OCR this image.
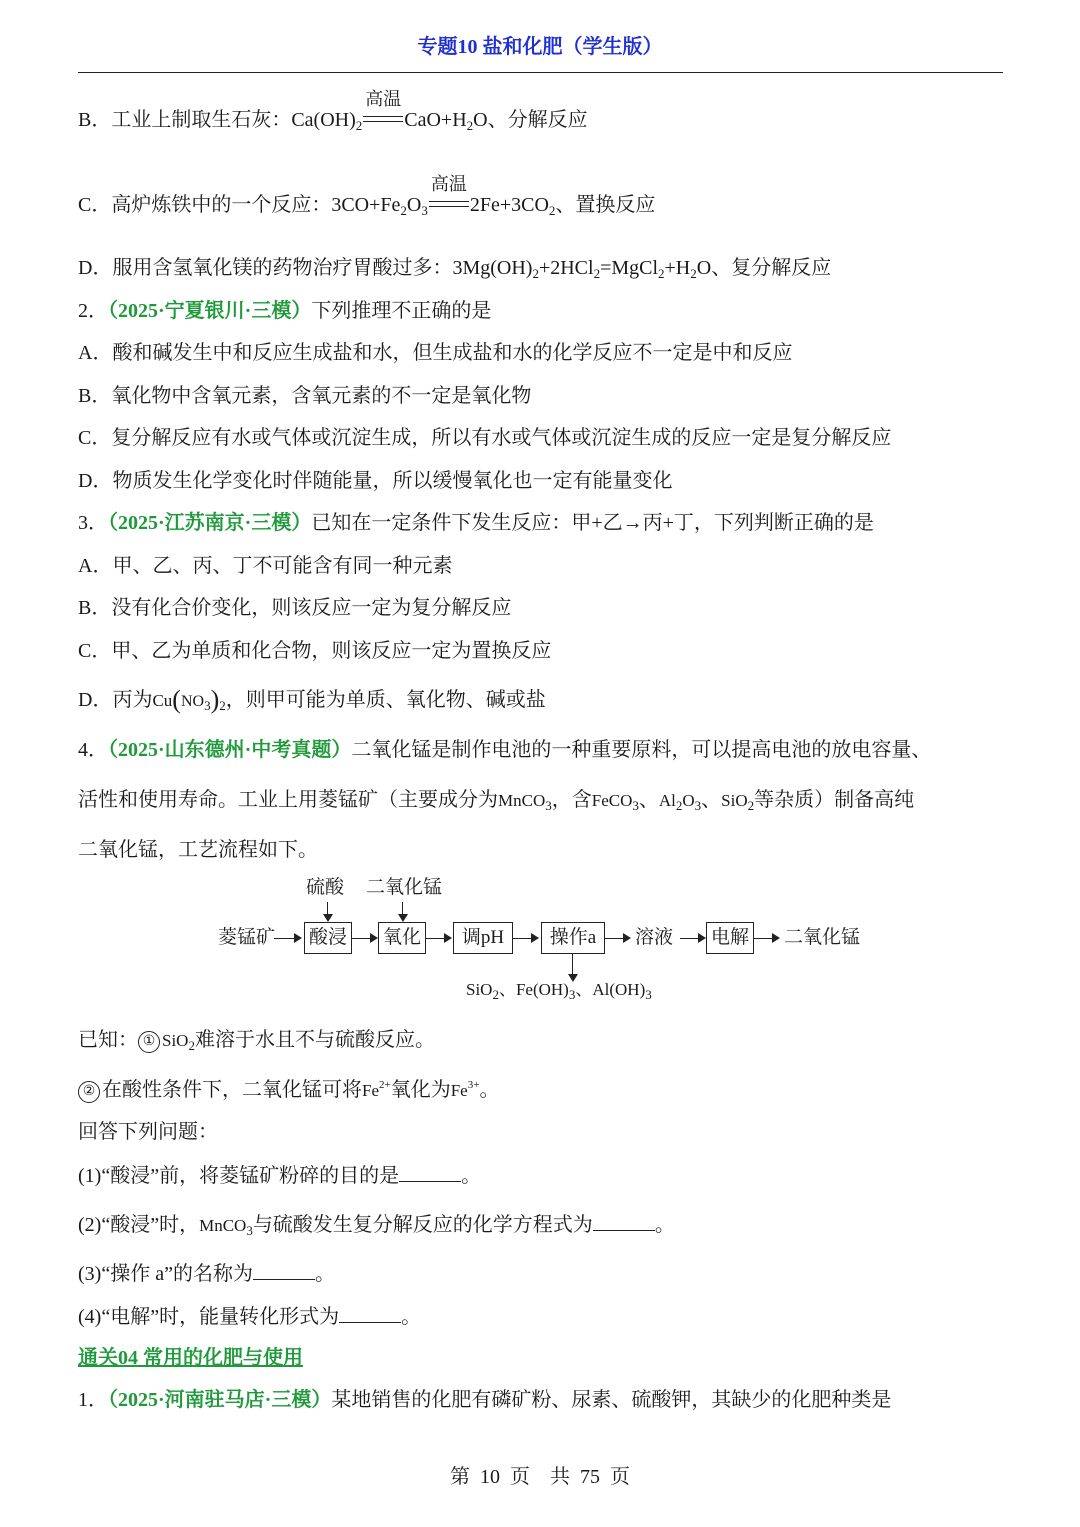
专题10 盐和化肥（学生版）
B．工业上制取生石灰：$Ca(OH)_2$
高温
$CaO+H_2O$、分解反应
C．高炉炼铁中的一个反应：$3CO+Fe_2O_3$
高温
$2Fe+3CO_2$、置换反应
D．服用含氢氧化镁的药物治疗胃酸过多：$3Mg(OH)_2+2HCl_2=MgCl_2+H_2O$、复分解反应
2．（2025·宁夏银川·三模）下列推理不正确的是
A．酸和碱发生中和反应生成盐和水，但生成盐和水的化学反应不一定是中和反应
B．氧化物中含氧元素，含氧元素的不一定是氧化物
C．复分解反应有水或气体或沉淀生成，所以有水或气体或沉淀生成的反应一定是复分解反应
D．物质发生化学变化时伴随能量，所以缓慢氧化也一定有能量变化
3．（2025·江苏南京·三模）已知在一定条件下发生反应：甲+乙→丙+丁，下列判断正确的是
A．甲、乙、丙、丁不可能含有同一种元素
B．没有化合价变化，则该反应一定为复分解反应
C．甲、乙为单质和化合物，则该反应一定为置换反应
D．丙为$Cu(NO_3)_2$，则甲可能为单质、氧化物、碱或盐
4．（2025·山东德州·中考真题）二氧化锰是制作电池的一种重要原料，可以提高电池的放电容量、
活性和使用寿命。工业上用菱锰矿（主要成分为MnCO$_3$，含FeCO$_3$、$Al_2O_3$、SiO$_2$等杂质）制备高纯
二氧化锰，工艺流程如下。
硫酸 二氧化锰
菱锰矿 酸浸 氧化	调pH	操作a	溶液 电解 二氧化锰
SiO$_2$、$Fe(OH)_3$、$Al(OH)_3$
已知： ① SiO$_2$难溶于水且不与硫酸反应。
② 在酸性条件下，二氧化锰可将$Fe^{2+}$氧化为$Fe^{3+}$。
回答下列问题：
(1)“酸浸”前，将菱锰矿粉碎的目的是	。
(2)“酸浸”时，MnCO$_3$与硫酸发生复分解反应的化学方程式为	。
(3)“操作 a”的名称为	。
(4)“电解”时，能量转化形式为	。
通关04 常用的化肥与使用
1．（2025·河南驻马店·三模）某地销售的化肥有磷矿粉、尿素、硫酸钾，其缺少的化肥种类是
第 10 页 共 75 页
